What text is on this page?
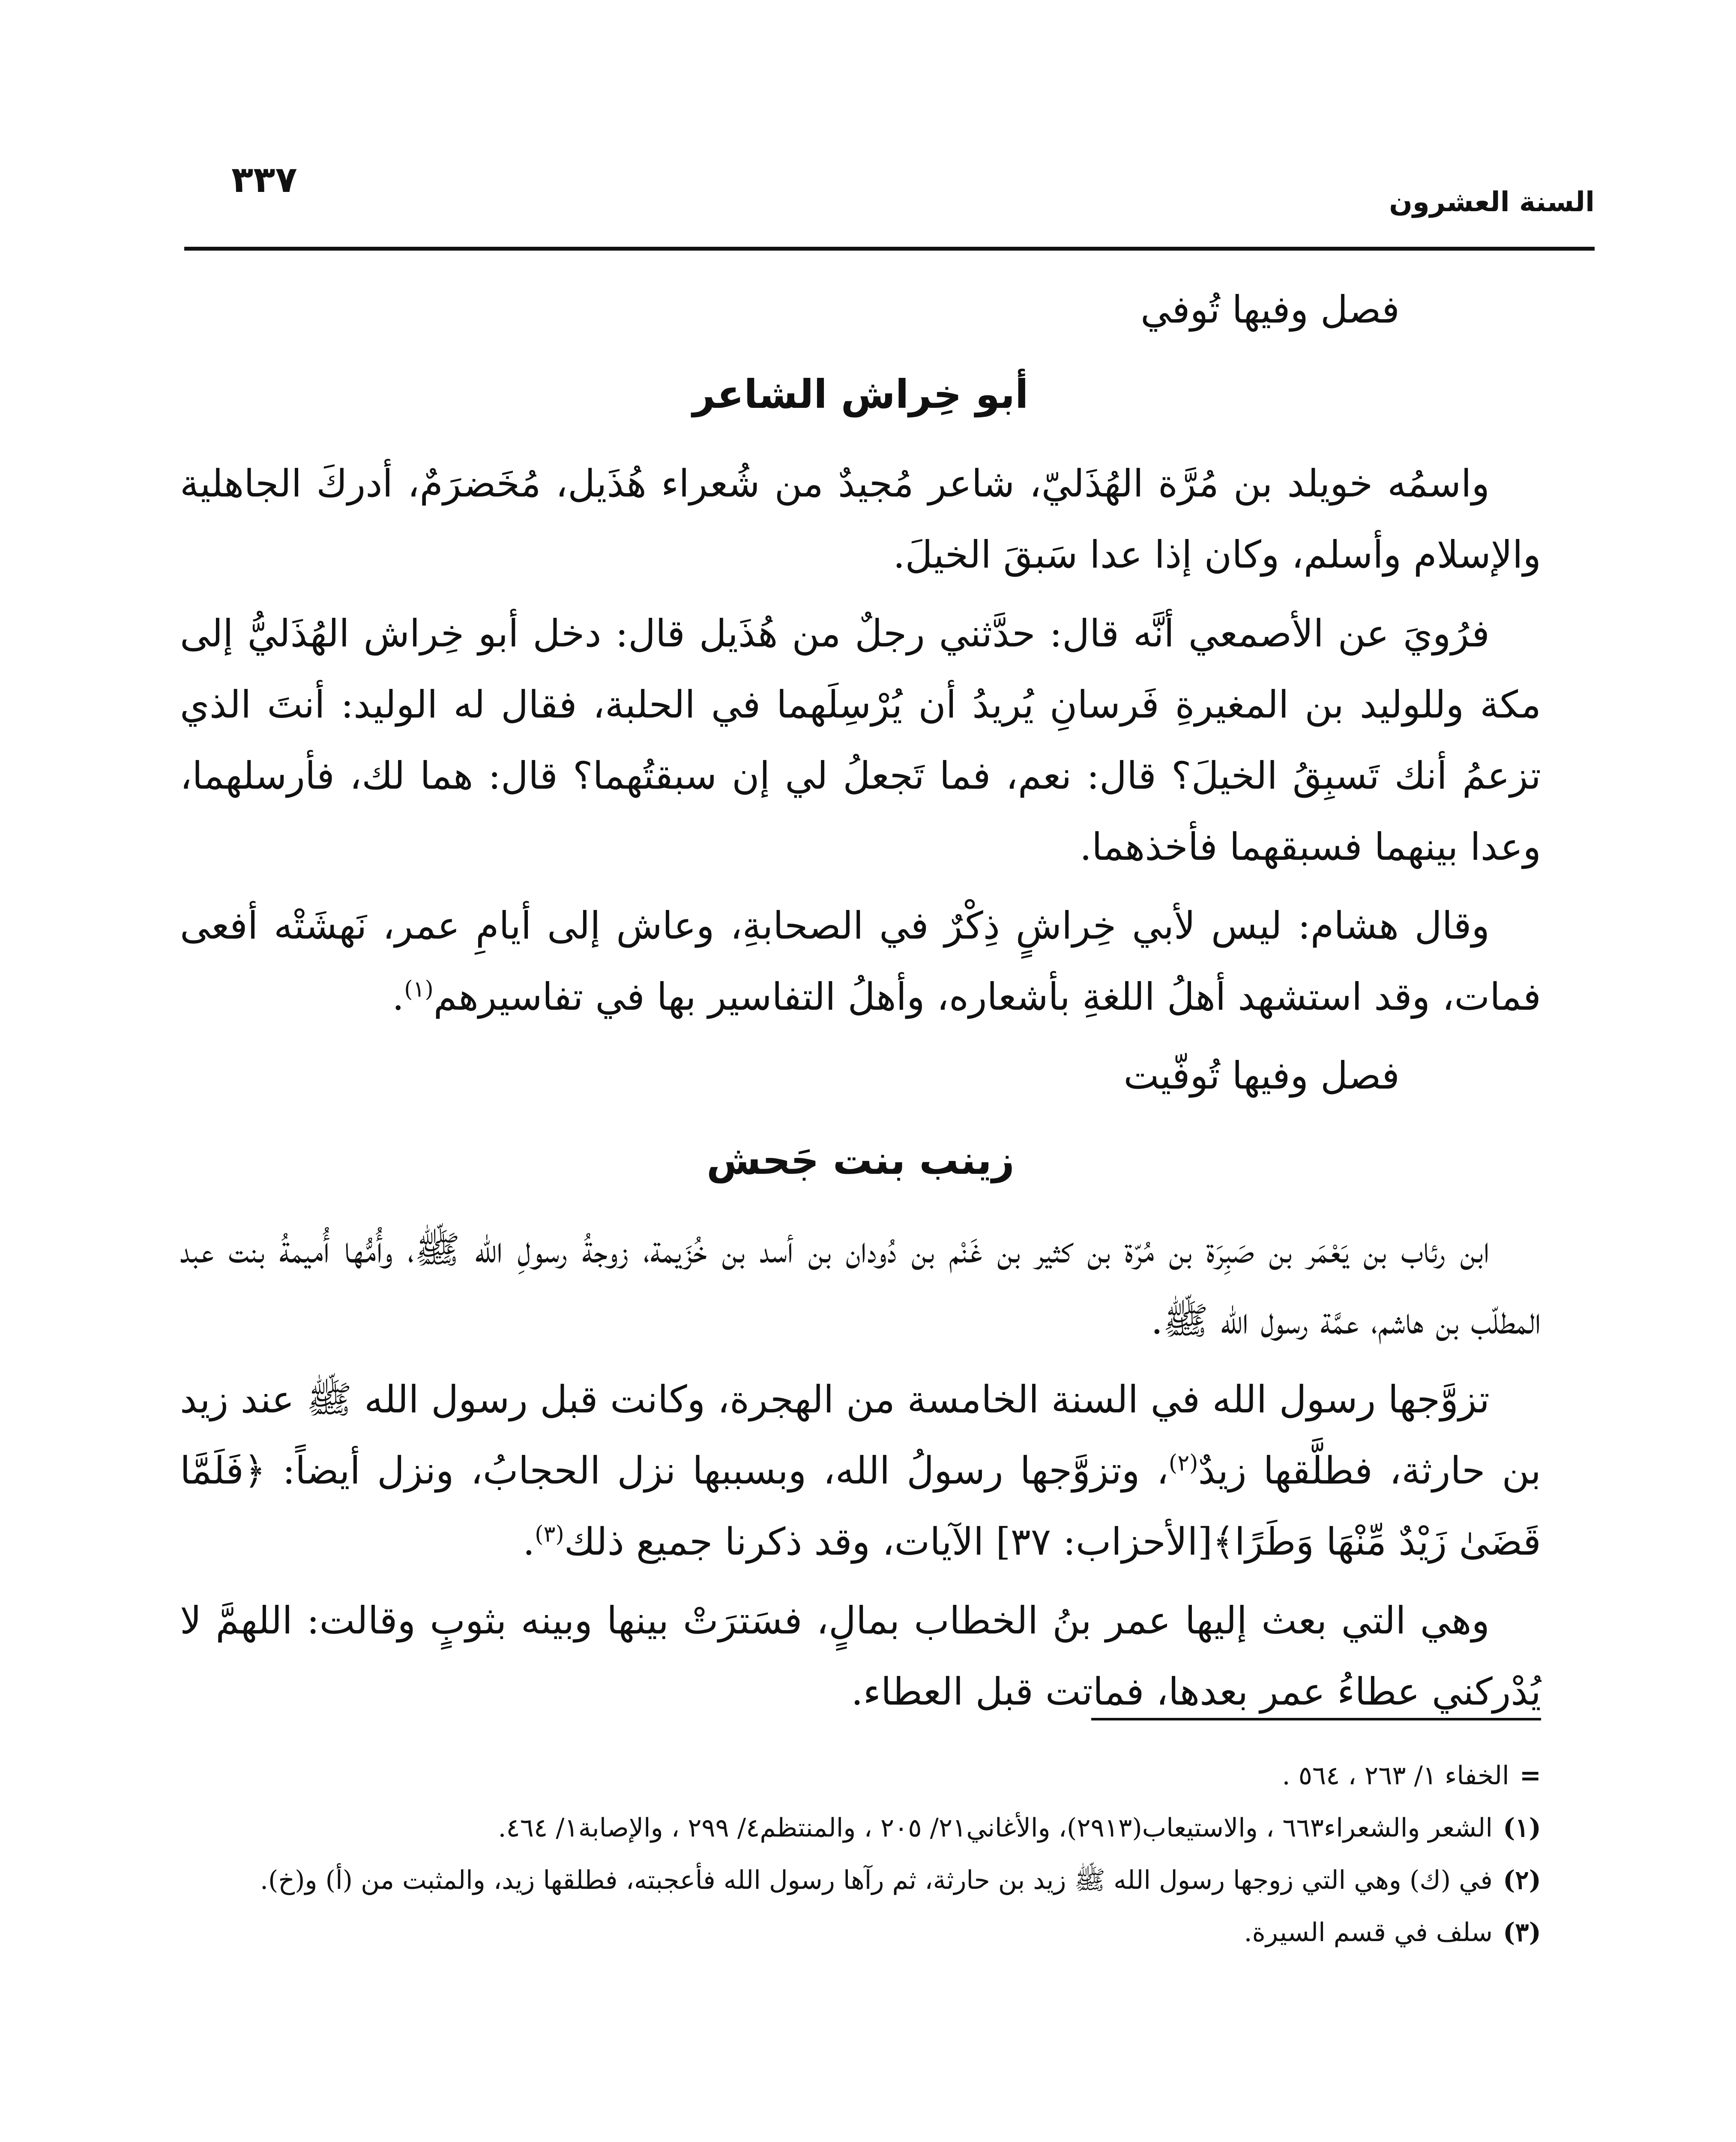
السنة العشرون
٣٣٧
فصل وفيها تُوفي
أبو خِراش الشاعر

واسمُه خويلد بن مُرَّة الهُذَليّ، شاعر مُجيدٌ من شُعراء هُذَيل، مُخَضرَمٌ، أدركَ الجاهلية والإسلام وأسلم، وكان إذا عدا سَبقَ الخيلَ.

فرُويَ عن الأصمعي أنَّه قال: حدَّثني رجلٌ من هُذَيل قال: دخل أبو خِراش الهُذَليُّ إلى مكة وللوليد بن المغيرةِ فَرسانِ يُريدُ أن يُرْسِلَهما في الحلبة، فقال له الوليد: أنتَ الذي تزعمُ أنك تَسبِقُ الخيلَ؟ قال: نعم، فما تَجعلُ لي إن سبقتُهما؟ قال: هما لك، فأرسلهما، وعدا بينهما فسبقهما فأخذهما.

وقال هشام: ليس لأبي خِراشٍ ذِكْرٌ في الصحابةِ، وعاش إلى أيامِ عمر، نَهشَتْه أفعى فمات، وقد استشهد أهلُ اللغةِ بأشعاره، وأهلُ التفاسير بها في تفاسيرهم$^{(١)}$.

فصل وفيها تُوفّيت
زينب بنت جَحش

ابن رئاب بن يَعْمَر بن صَبِرَة بن مُرّة بن كثير بن غَنْم بن دُودان بن أسد بن خُزَيمة، زوجةُ رسولِ الله ﷺ، وأُمُّها أُميمةُ بنت عبد المطلّب بن هاشم، عمَّة رسول الله ﷺ.

تزوَّجها رسول الله في السنة الخامسة من الهجرة، وكانت قبل رسول الله ﷺ عند زيد بن حارثة، فطلَّقها زيدٌ$^{(٢)}$، وتزوَّجها رسولُ الله، وبسببها نزل الحجابُ، ونزل أيضاً: ﴿فَلَمَّا قَضَىٰ زَيْدٌ مِّنْهَا وَطَرًا﴾[الأحزاب: ٣٧] الآيات، وقد ذكرنا جميع ذلك$^{(٣)}$.

وهي التي بعث إليها عمر بنُ الخطاب بمالٍ، فسَترَتْ بينها وبينه بثوبٍ وقالت: اللهمَّ لا يُدْركني عطاءُ عمر بعدها، فماتت قبل العطاء.

=الخفاء ١/ ٢٦٣ ، ٥٦٤ .
(١)الشعر والشعراء٦٦٣ ، والاستيعاب(٢٩١٣)، والأغاني٢١/ ٢٠٥ ، والمنتظم٤/ ٢٩٩ ، والإصابة١/ ٤٦٤.
(٢)في (ك) وهي التي زوجها رسول الله ﷺ زيد بن حارثة، ثم رآها رسول الله فأعجبته، فطلقها زيد، والمثبت من (أ) و(خ).
(٣)سلف في قسم السيرة.
